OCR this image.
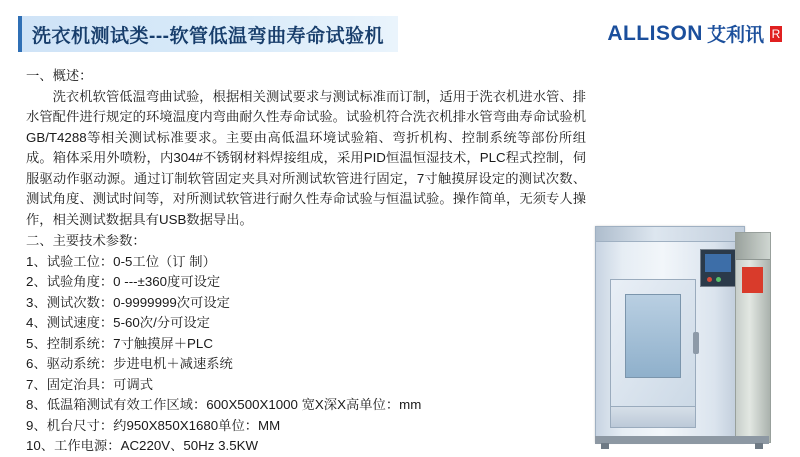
洗衣机测试类---软管低温弯曲寿命试验机	ALLISON 艾利讯 R

一、概述：

洗衣机软管低温弯曲试验，根据相关测试要求与测试标准而订制，适用于洗衣机进水管、排水管配件进行规定的环境温度内弯曲耐久性寿命试验。试验机符合洗衣机排水管弯曲寿命试验机GB/T4288等相关测试标准要求。主要由高低温环境试验箱、弯折机构、控制系统等部份所组成。箱体采用外喷粉，内304#不锈钢材料焊接组成，采用PID恒温恒湿技术，PLC程式控制，伺服驱动作驱动源。通过订制软管固定夹具对所测试软管进行固定，7寸触摸屏设定的测试次数、测试角度、测试时间等，对所测试软管进行耐久性寿命试验与恒温试验。操作简单，无须专人操作，相关测试数据具有USB数据导出。

二、主要技术参数：

1、试验工位：0-5工位（订 制）
2、试验角度：0 ---±360度可设定
3、测试次数：0-9999999次可设定
4、测试速度：5-60次/分可设定
5、控制系统：7寸触摸屏＋PLC
6、驱动系统：步进电机＋减速系统
7、固定治具：可调式
8、低温箱测试有效工作区域：600X500X1000 宽X深X高单位：mm
9、机台尺寸：约950X850X1680单位：MM
10、工作电源：AC220V、50Hz 3.5KW
